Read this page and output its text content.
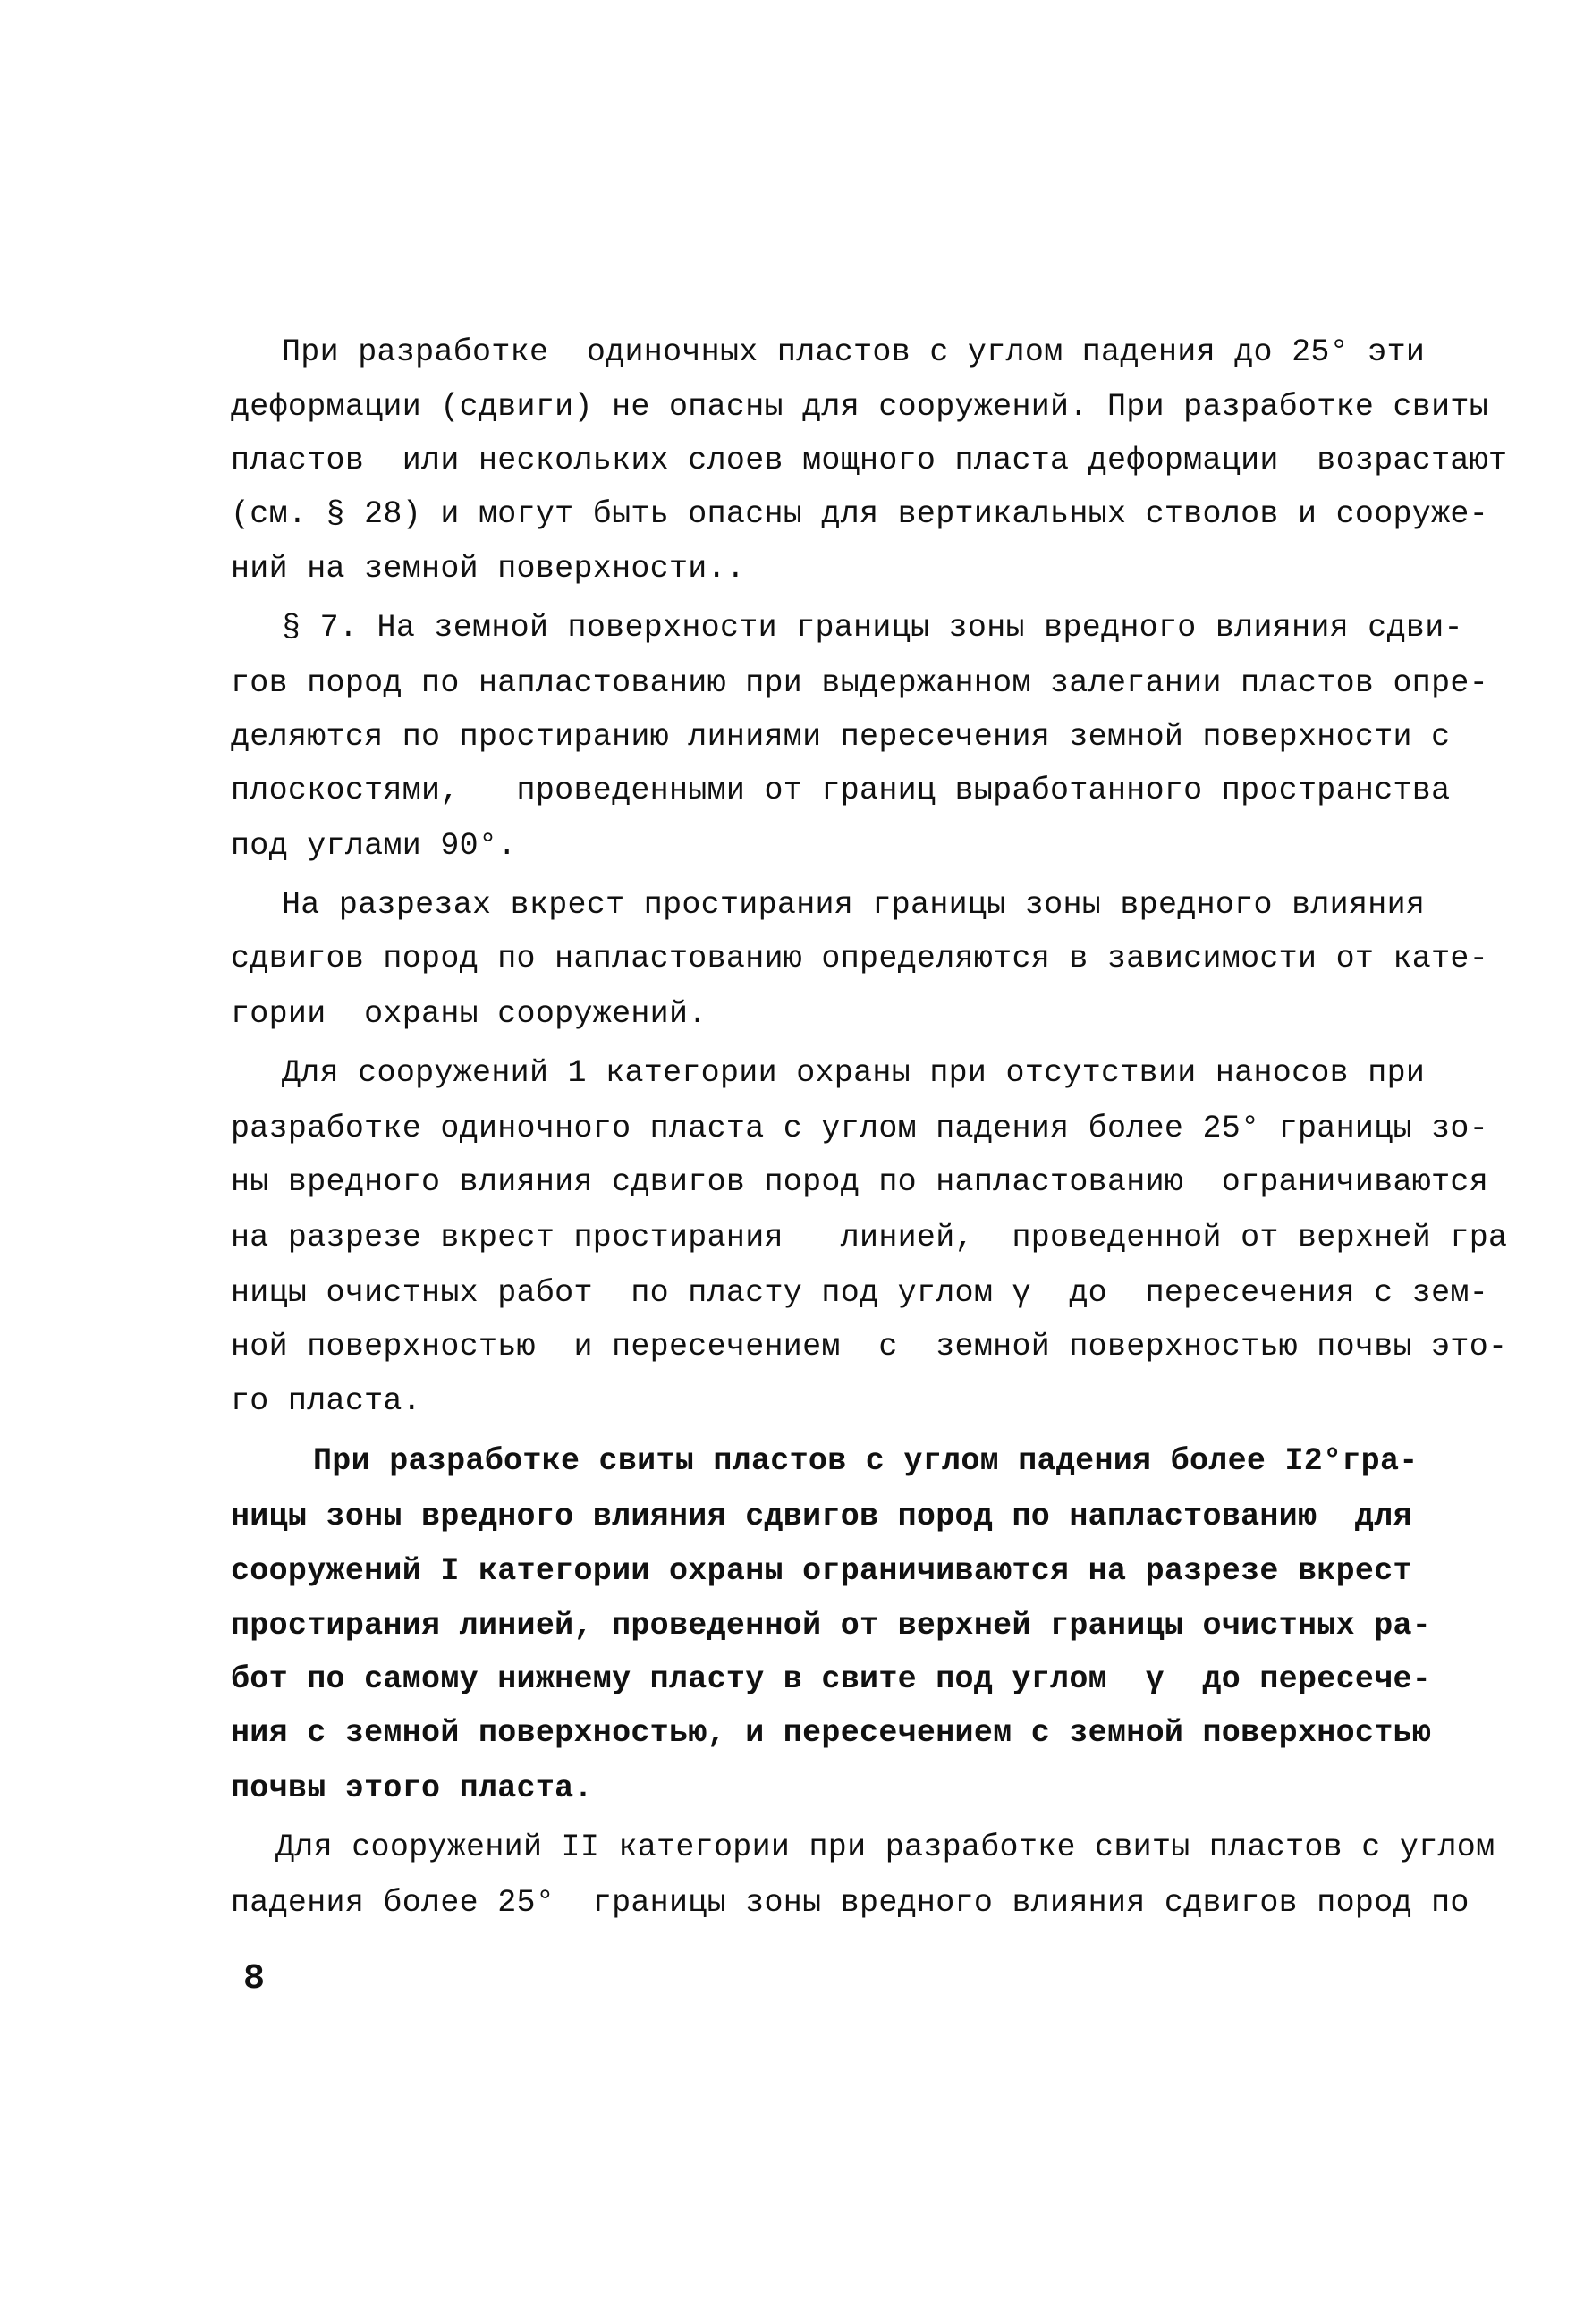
При разработке  одиночных пластов с углом падения до 25° эти
деформации (сдвиги) не опасны для сооружений. При разработке свиты
пластов  или нескольких слоев мощного пласта деформации  возрастают
(см. § 28) и могут быть опасны для вертикальных стволов и сооруже-
ний на земной поверхности..
§ 7. На земной поверхности границы зоны вредного влияния сдви-
гов пород по напластованию при выдержанном залегании пластов опре-
деляются по простиранию линиями пересечения земной поверхности с
плоскостями,   проведенными от границ выработанного пространства
под углами 90°.
На разрезах вкрест простирания границы зоны вредного влияния
сдвигов пород по напластованию определяются в зависимости от кате-
гории  охраны сооружений.
Для сооружений 1 категории охраны при отсутствии наносов при
разработке одиночного пласта с углом падения более 25° границы зо-
ны вредного влияния сдвигов пород по напластованию  ограничиваются
на разрезе вкрест простирания   линией,  проведенной от верхней гра
ницы очистных работ  по пласту под углом γ  до  пересечения с зем-
ной поверхностью  и пересечением  с  земной поверхностью почвы это-
го пласта.
При разработке свиты пластов с углом падения более I2°гра-
ницы зоны вредного влияния сдвигов пород по напластованию  для
сооружений I категории охраны ограничиваются на разрезе вкрест
простирания линией, проведенной от верхней границы очистных ра-
бот по самому нижнему пласту в свите под углом  γ  до пересече-
ния с земной поверхностью, и пересечением с земной поверхностью
почвы этого пласта.
Для сооружений II категории при разработке свиты пластов с углом
падения более 25°  границы зоны вредного влияния сдвигов пород по
8
